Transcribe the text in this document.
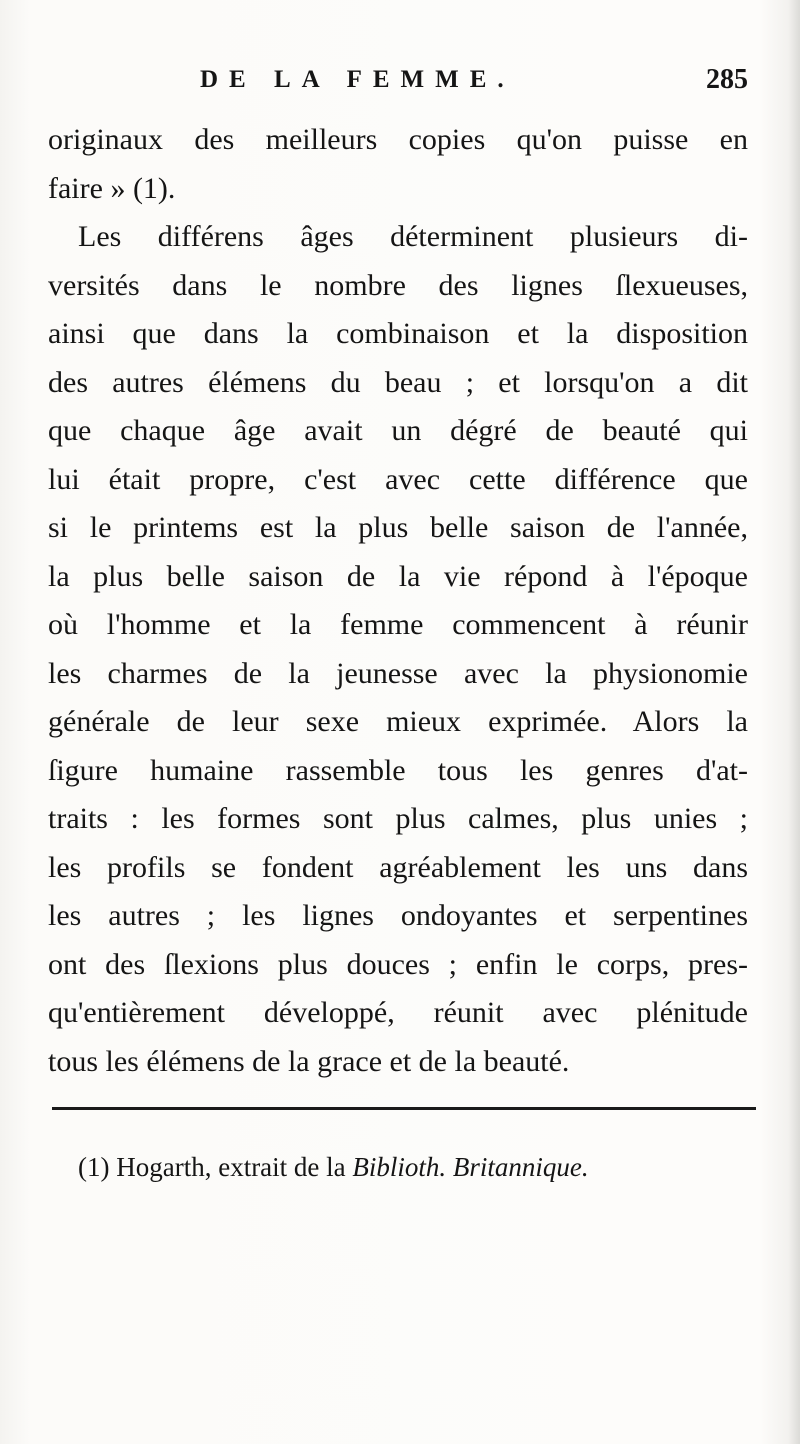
DE LA FEMME.	285
originaux des meilleurs copies qu'on puisse en
faire » (1).
Les différens âges déterminent plusieurs di-
versités dans le nombre des lignes ſlexueuses,
ainsi que dans la combinaison et la disposition
des autres élémens du beau ; et lorsqu'on a dit
que chaque âge avait un dégré de beauté qui
lui était propre, c'est avec cette différence que
si le printems est la plus belle saison de l'année,
la plus belle saison de la vie répond à l'époque
où l'homme et la femme commencent à réunir
les charmes de la jeunesse avec la physionomie
générale de leur sexe mieux exprimée. Alors la
ſigure humaine rassemble tous les genres d'at-
traits : les formes sont plus calmes, plus unies ;
les profils se fondent agréablement les uns dans
les autres ; les lignes ondoyantes et serpentines
ont des ſlexions plus douces ; enfin le corps, pres-
qu'entièrement développé, réunit avec plénitude
tous les élémens de la grace et de la beauté.
(1) Hogarth, extrait de la Biblioth. Britannique.
